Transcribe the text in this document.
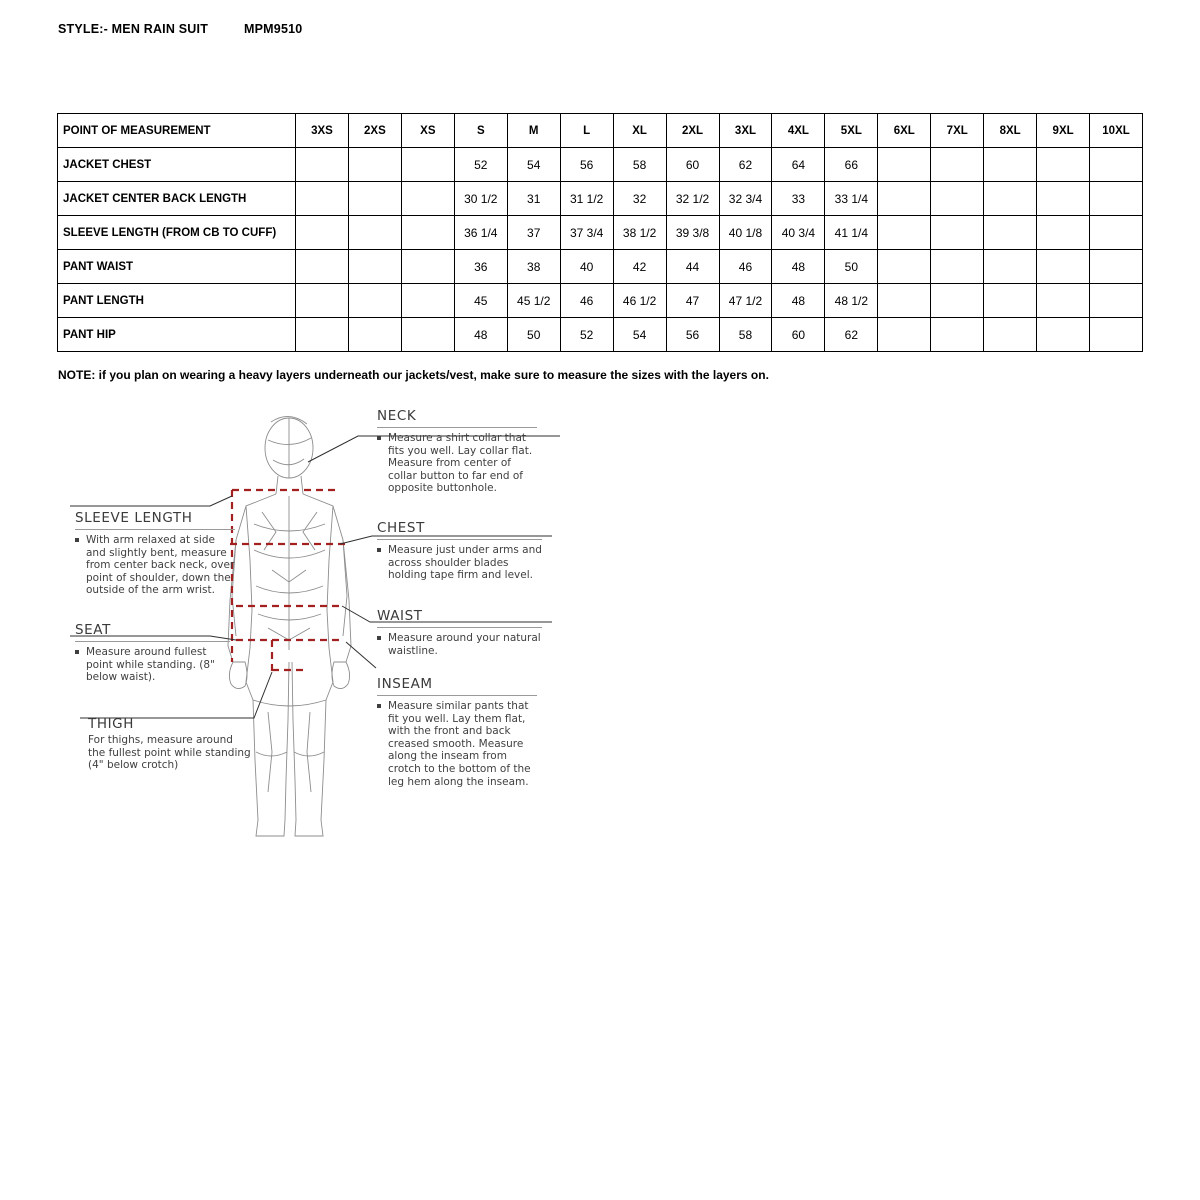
STYLE:- MEN RAIN SUIT	MPM9510
POINT OF MEASUREMENT	3XS	2XS	XS	S	M	L	XL	2XL	3XL	4XL	5XL	6XL	7XL	8XL	9XL	10XL
JACKET CHEST				52	54	56	58	60	62	64	66					
JACKET CENTER BACK LENGTH				30 1/2	31	31 1/2	32	32 1/2	32 3/4	33	33 1/4					
SLEEVE LENGTH (FROM CB TO CUFF)				36 1/4	37	37 3/4	38 1/2	39 3/8	40 1/8	40 3/4	41 1/4					
PANT WAIST				36	38	40	42	44	46	48	50					
PANT LENGTH				45	45 1/2	46	46 1/2	47	47 1/2	48	48 1/2					
PANT HIP				48	50	52	54	56	58	60	62					
NOTE: if you plan on wearing a heavy layers underneath our jackets/vest, make sure to measure the sizes with the layers on.
NECK
Measure a shirt collar that fits you well. Lay collar flat. Measure from center of collar button to far end of opposite buttonhole.
CHEST
Measure just under arms and across shoulder blades holding tape firm and level.
WAIST
Measure around your natural waistline.
INSEAM
Measure similar pants that fit you well. Lay them flat, with the front and back creased smooth. Measure along the inseam from crotch to the bottom of the leg hem along the inseam.
SLEEVE LENGTH
With arm relaxed at side and slightly bent, measure from center back neck, over point of shoulder, down the outside of the arm wrist.
SEAT
Measure around fullest point while standing. (8" below waist).
THIGH
For thighs, measure around the fullest point while standing (4" below crotch)
